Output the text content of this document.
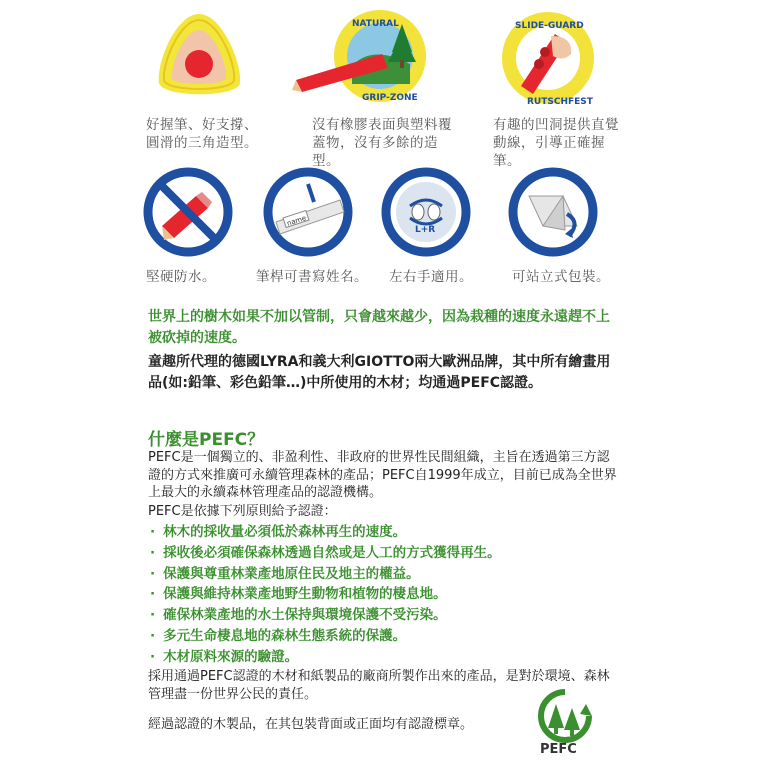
NATURAL
GRIP-ZONE
SLIDE-GUARD
RUTSCHFEST
好握筆、好支撐、圓滑的三角造型。
沒有橡膠表面與塑料覆蓋物，沒有多餘的造型。
有趣的凹洞提供直覺動線，引導正確握筆。
name
L+R
堅硬防水。	筆桿可書寫姓名。 左右手適用。	可站立式包裝。
世界上的樹木如果不加以管制，只會越來越少，因為栽種的速度永遠趕不上被砍掉的速度。
童趣所代理的德國LYRA和義大利GIOTTO兩大歐洲品牌，其中所有繪畫用品(如:鉛筆、彩色鉛筆…)中所使用的木材；均通過PEFC認證。
什麼是PEFC？
PEFC是一個獨立的、非盈利性、非政府的世界性民間組織，主旨在透過第三方認證的方式來推廣可永續管理森林的產品；PEFC自1999年成立，目前已成為全世界上最大的永續森林管理產品的認證機構。
PEFC是依據下列原則給予認證：
· 林木的採收量必須低於森林再生的速度。
· 採收後必須確保森林透過自然或是人工的方式獲得再生。
· 保護與尊重林業產地原住民及地主的權益。
· 保護與維持林業產地野生動物和植物的棲息地。
· 確保林業產地的水土保持與環境保護不受污染。
· 多元生命棲息地的森林生態系統的保護。
· 木材原料來源的驗證。
採用通過PEFC認證的木材和紙製品的廠商所製作出來的產品，是對於環境、森林管理盡一份世界公民的責任。
經過認證的木製品，在其包裝背面或正面均有認證標章。
PEFC
